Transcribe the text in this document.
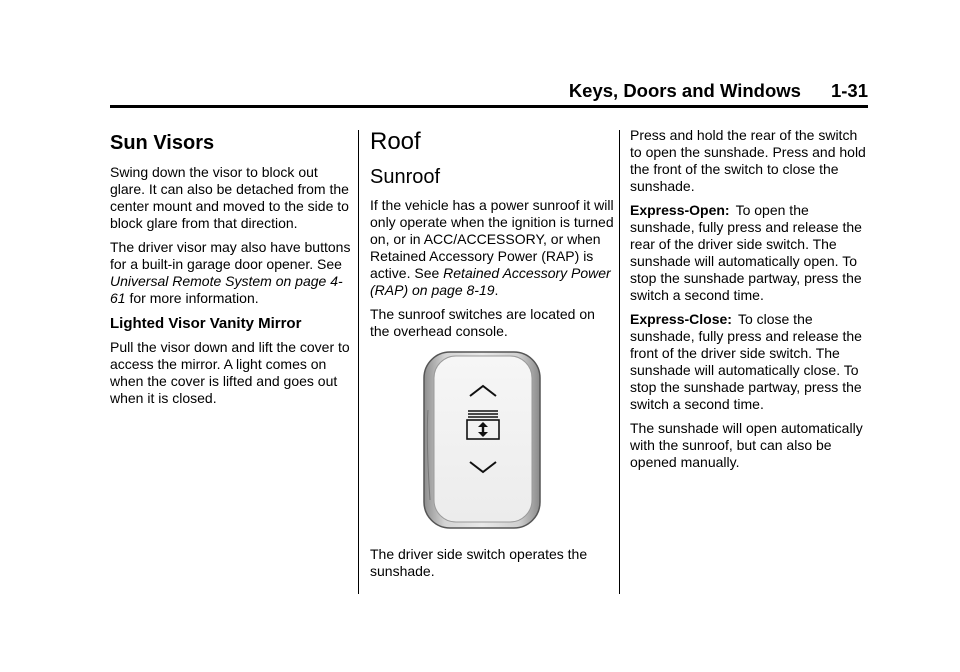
Keys, Doors and Windows 1-31
Sun Visors

Swing down the visor to block out glare. It can also be detached from the center mount and moved to the side to block glare from that direction.

The driver visor may also have buttons for a built-in garage door opener. See Universal Remote System on page 4-61 for more information.

Lighted Visor Vanity Mirror

Pull the visor down and lift the cover to access the mirror. A light comes on when the cover is lifted and goes out when it is closed.

Roof
Sunroof

If the vehicle has a power sunroof it will only operate when the ignition is turned on, or in ACC/ACCESSORY, or when Retained Accessory Power (RAP) is active. See Retained Accessory Power (RAP) on page 8-19.

The sunroof switches are located on the overhead console.

The driver side switch operates the sunshade.

Press and hold the rear of the switch to open the sunshade. Press and hold the front of the switch to close the sunshade.

Express-Open: To open the sunshade, fully press and release the rear of the driver side switch. The sunshade will automatically open. To stop the sunshade partway, press the switch a second time.

Express-Close: To close the sunshade, fully press and release the front of the driver side switch. The sunshade will automatically close. To stop the sunshade partway, press the switch a second time.

The sunshade will open automatically with the sunroof, but can also be opened manually.
